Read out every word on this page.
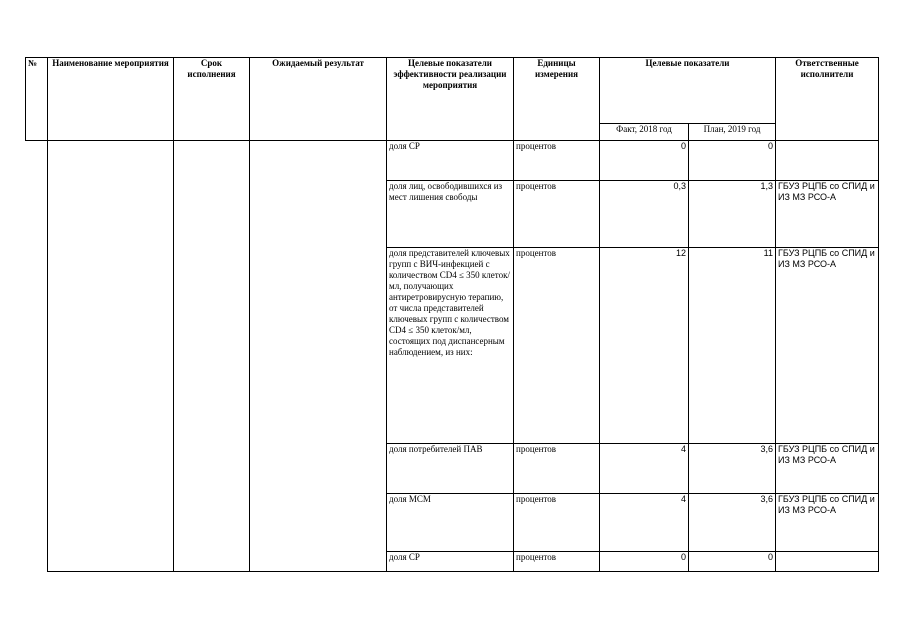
№	Наименование мероприятия	Срок исполнения	Ожидаемый результат	Целевые показатели эффективности реализации мероприятия	Единицы измерения	Целевые показатели		Ответственные исполнители
						Факт, 2018 год	План, 2019 год	
				доля СР	процентов	0	0	
				доля лиц, освободившихся из мест лишения свободы	процентов	0,3	1,3	ГБУЗ РЦПБ со СПИД и ИЗ МЗ РСО-А
				доля представителей ключевых групп с ВИЧ-инфекцией с количеством CD4 ≤ 350 клеток/мл, получающих антиретровирусную терапию, от числа представителей ключевых групп с количеством CD4 ≤ 350 клеток/мл, состоящих под диспансерным наблюдением, из них:	процентов	12	11	ГБУЗ РЦПБ со СПИД и ИЗ МЗ РСО-А
				доля потребителей ПАВ	процентов	4	3,6	ГБУЗ РЦПБ со СПИД и ИЗ МЗ РСО-А
				доля МСМ	процентов	4	3,6	ГБУЗ РЦПБ со СПИД и ИЗ МЗ РСО-А
				доля СР	процентов	0	0	
